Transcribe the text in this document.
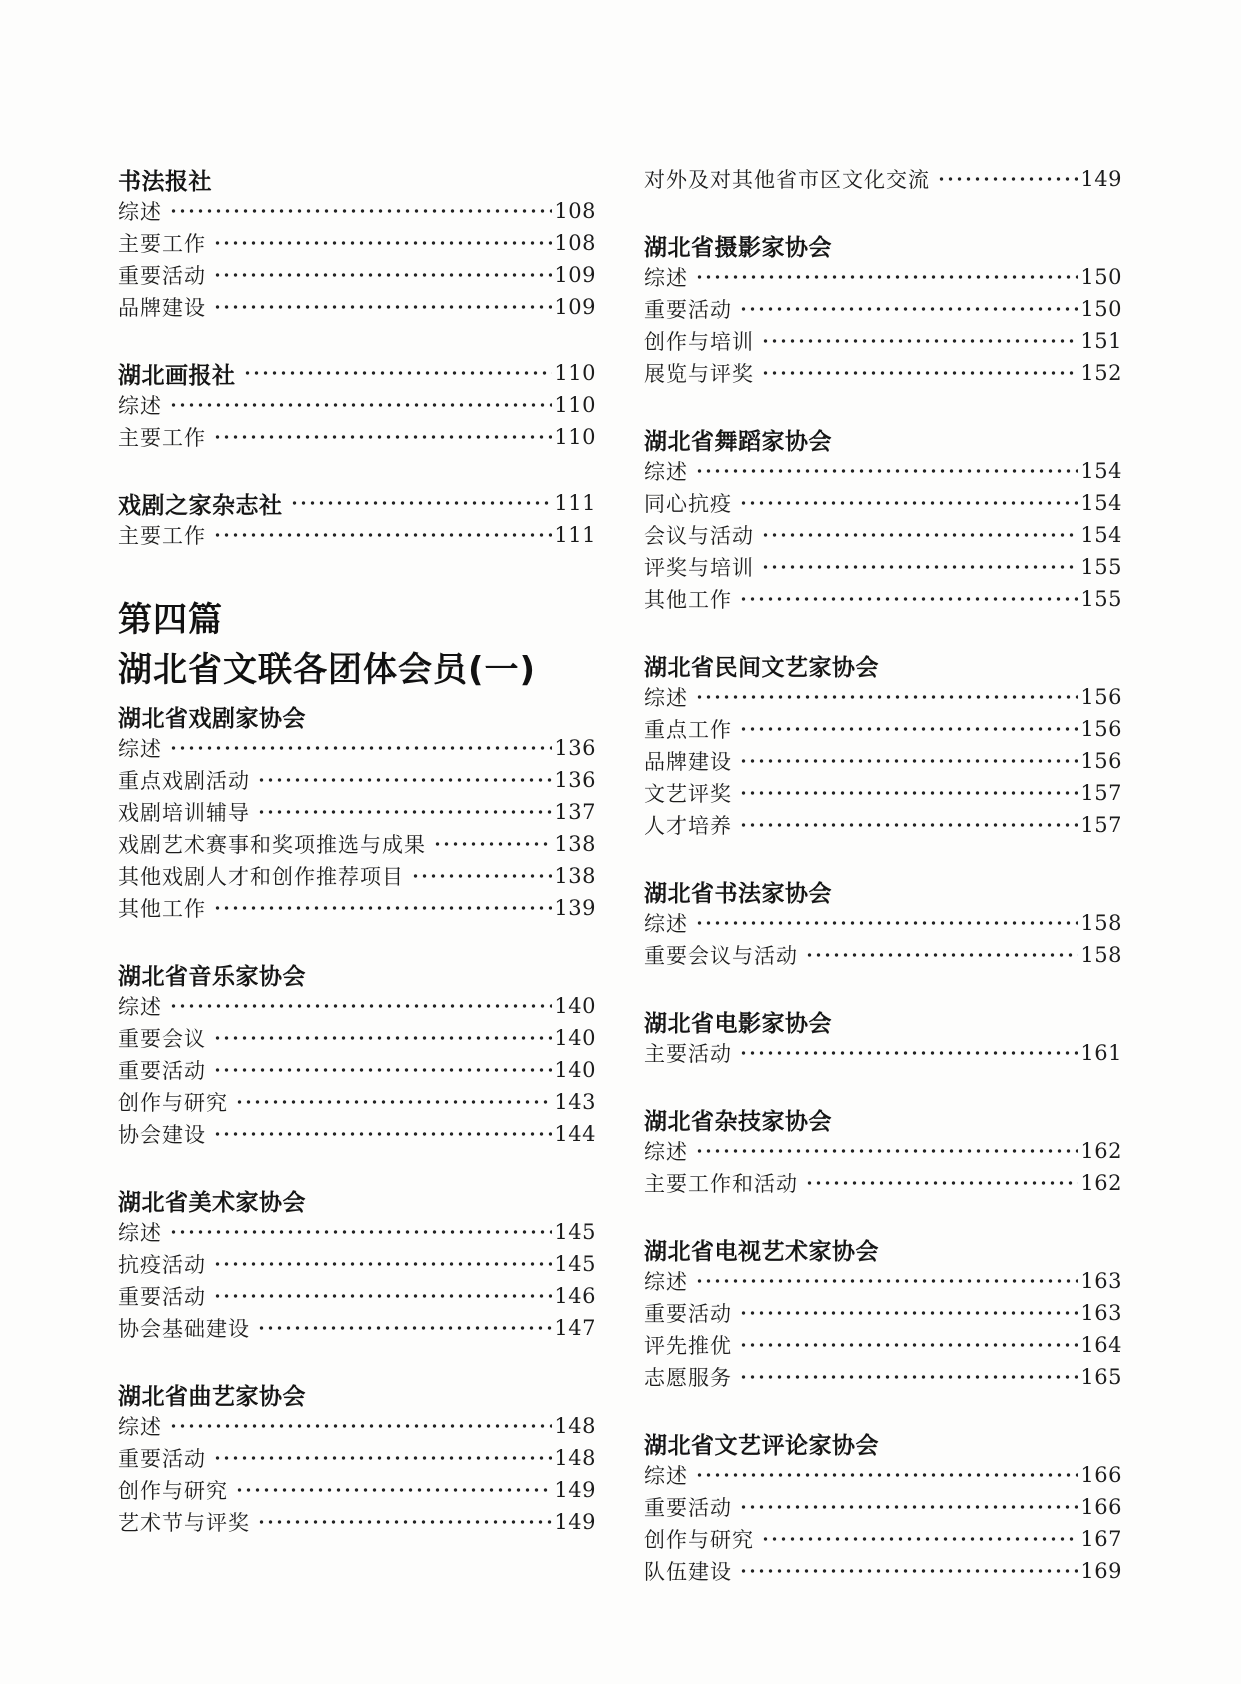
书法报社
综述	108
主要工作	108
重要活动	109
品牌建设	109
湖北画报社	110
综述	110
主要工作	110
戏剧之家杂志社	111
主要工作	111
第四篇
湖北省文联各团体会员(一)
湖北省戏剧家协会
综述	136
重点戏剧活动	136
戏剧培训辅导	137
戏剧艺术赛事和奖项推选与成果	138
其他戏剧人才和创作推荐项目	138
其他工作	139
湖北省音乐家协会
综述	140
重要会议	140
重要活动	140
创作与研究	143
协会建设	144
湖北省美术家协会
综述	145
抗疫活动	145
重要活动	146
协会基础建设	147
湖北省曲艺家协会
综述	148
重要活动	148
创作与研究	149
艺术节与评奖	149
对外及对其他省市区文化交流	149
湖北省摄影家协会
综述	150
重要活动	150
创作与培训	151
展览与评奖	152
湖北省舞蹈家协会
综述	154
同心抗疫	154
会议与活动	154
评奖与培训	155
其他工作	155
湖北省民间文艺家协会
综述	156
重点工作	156
品牌建设	156
文艺评奖	157
人才培养	157
湖北省书法家协会
综述	158
重要会议与活动	158
湖北省电影家协会
主要活动	161
湖北省杂技家协会
综述	162
主要工作和活动	162
湖北省电视艺术家协会
综述	163
重要活动	163
评先推优	164
志愿服务	165
湖北省文艺评论家协会
综述	166
重要活动	166
创作与研究	167
队伍建设	169
